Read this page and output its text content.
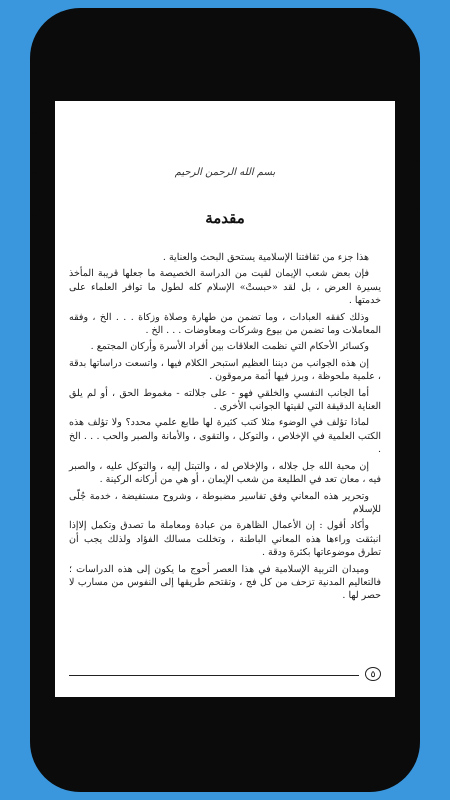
بسم الله الرحمن الرحيم
مقدمة

هذا جزء من ثقافتنا الإسلامية يستحق البحث والعناية .

فإن بعض شعب الإيمان لقيت من الدراسة الخصيصة ما جعلها قريبة المأخذ يسيرة العرض ، بل لقد «حبستْ» الإسلام كله لطول ما توافر العلماء على خدمتها .

وذلك كفقه العبادات ، وما تضمن من طهارة وصلاة وزكاة . . . الخ ، وفقه المعاملات وما تضمن من بيوع وشركات ومعاوضات . . . الخ .

وكسائر الأحكام التي نظمت العلاقات بين أفراد الأسرة وأركان المجتمع .

إن هذه الجوانب من ديننا العظيم استبحر الكلام فيها ، واتسعت دراساتها بدقة ، علمية ملحوظة ، وبرز فيها أئمة مرموقون .

أما الجانب النفسي والخلقي فهو - على جلالته - مغموط الحق ، أو لم يلق العناية الدقيقة التي لقيتها الجوانب الأخرى .

لماذا تؤلف في الوضوء مثلا كتب كثيرة لها طابع علمي محدد؟ ولا تؤلف هذه الكتب العلمية في الإخلاص ، والتوكل ، والتقوى ، والأمانة والصبر والحب . . . الخ .

إن محبة الله جل جلاله ، والإخلاص له ، والتبتل إليه ، والتوكل عليه ، والصبر فيه ، معان تعد في الطليعة من شعب الإيمان ، أو هي من أركانه الركينة .

وتحرير هذه المعاني وفق تفاسير مضبوطة ، وشروح مستفيضة ، خدمة جُلّى للإسلام

وأكاد أقول : إن الأعمال الظاهرة من عبادة ومعاملة ما تصدق وتكمل إلاإذا انبثقت وراءها هذه المعاني الباطنة ، وتخللت مسالك الفؤاد ولذلك يجب أن تطرق موضوعاتها بكثرة ودقة .

وميدان التربية الإسلامية في هذا العصر أحوج ما يكون إلى هذه الدراسات ؛ فالتعاليم المدنية تزحف من كل فج ، وتقتحم طريقها إلى النفوس من مسارب لا حصر لها .

٥
